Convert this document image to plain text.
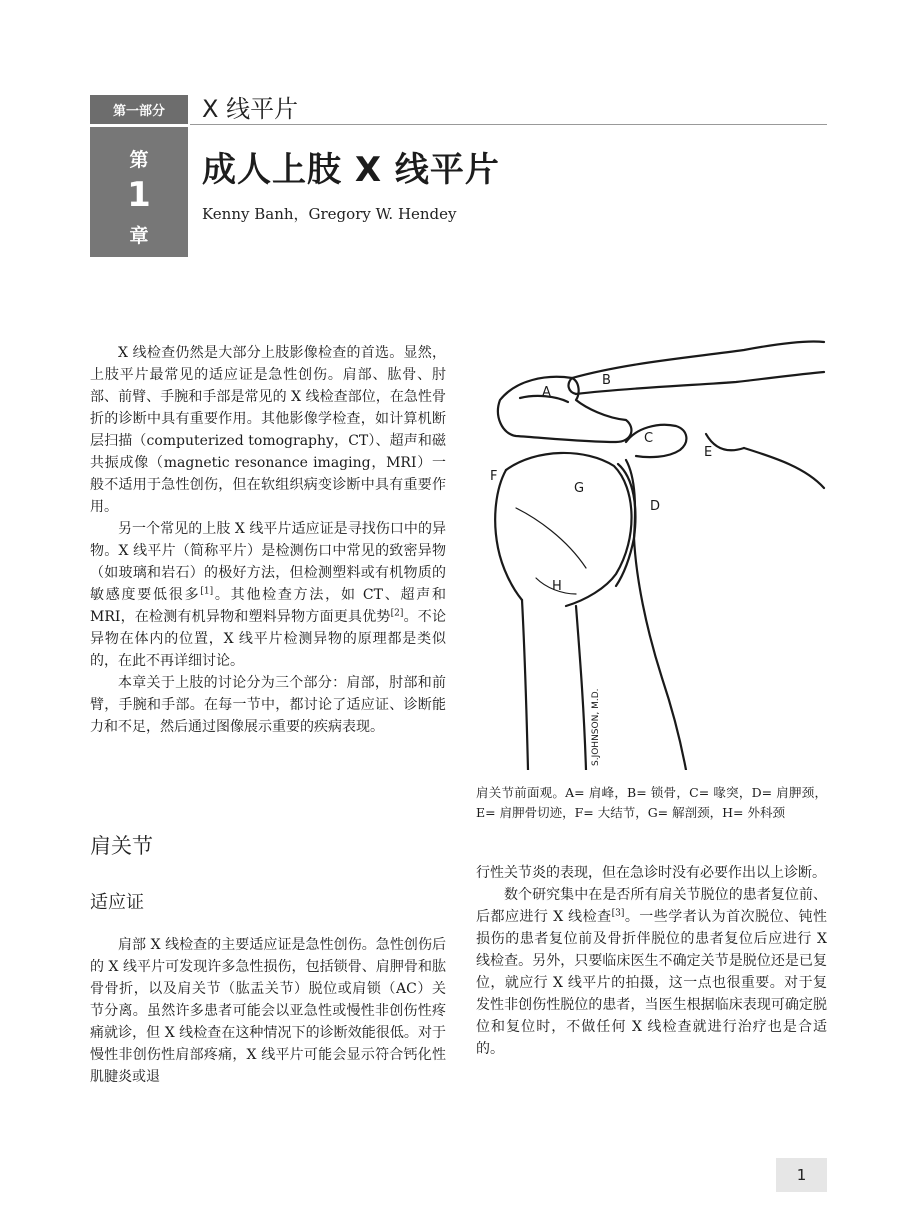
第一部分	X 线平片
第
1
章
成人上肢 X 线平片
Kenny Banh，Gregory W. Hendey

X 线检查仍然是大部分上肢影像检查的首选。显然，上肢平片最常见的适应证是急性创伤。肩部、肱骨、肘部、前臂、手腕和手部是常见的 X 线检查部位，在急性骨折的诊断中具有重要作用。其他影像学检查，如计算机断层扫描（computerized tomography，CT）、超声和磁共振成像（magnetic resonance imaging，MRI）一般不适用于急性创伤，但在软组织病变诊断中具有重要作用。

另一个常见的上肢 X 线平片适应证是寻找伤口中的异物。X 线平片（简称平片）是检测伤口中常见的致密异物（如玻璃和岩石）的极好方法，但检测塑料或有机物质的敏感度要低很多[1]。其他检查方法，如 CT、超声和 MRI，在检测有机异物和塑料异物方面更具优势[2]。不论异物在体内的位置，X 线平片检测异物的原理都是类似的，在此不再详细讨论。

本章关于上肢的讨论分为三个部分：肩部，肘部和前臂，手腕和手部。在每一节中，都讨论了适应证、诊断能力和不足，然后通过图像展示重要的疾病表现。

A
B
C
D
E
F
G
H
S.JOHNSON, M.D.
肩关节前面观。A= 肩峰，B= 锁骨，C= 喙突，D= 肩胛颈，E= 肩胛骨切迹，F= 大结节，G= 解剖颈，H= 外科颈
肩关节
适应证

肩部 X 线检查的主要适应证是急性创伤。急性创伤后的 X 线平片可发现许多急性损伤，包括锁骨、肩胛骨和肱骨骨折，以及肩关节（肱盂关节）脱位或肩锁（AC）关节分离。虽然许多患者可能会以亚急性或慢性非创伤性疼痛就诊，但 X 线检查在这种情况下的诊断效能很低。对于慢性非创伤性肩部疼痛，X 线平片可能会显示符合钙化性肌腱炎或退

行性关节炎的表现，但在急诊时没有必要作出以上诊断。

数个研究集中在是否所有肩关节脱位的患者复位前、后都应进行 X 线检查[3]。一些学者认为首次脱位、钝性损伤的患者复位前及骨折伴脱位的患者复位后应进行 X 线检查。另外，只要临床医生不确定关节是脱位还是已复位，就应行 X 线平片的拍摄，这一点也很重要。对于复发性非创伤性脱位的患者，当医生根据临床表现可确定脱位和复位时，不做任何 X 线检查就进行治疗也是合适的。

1
